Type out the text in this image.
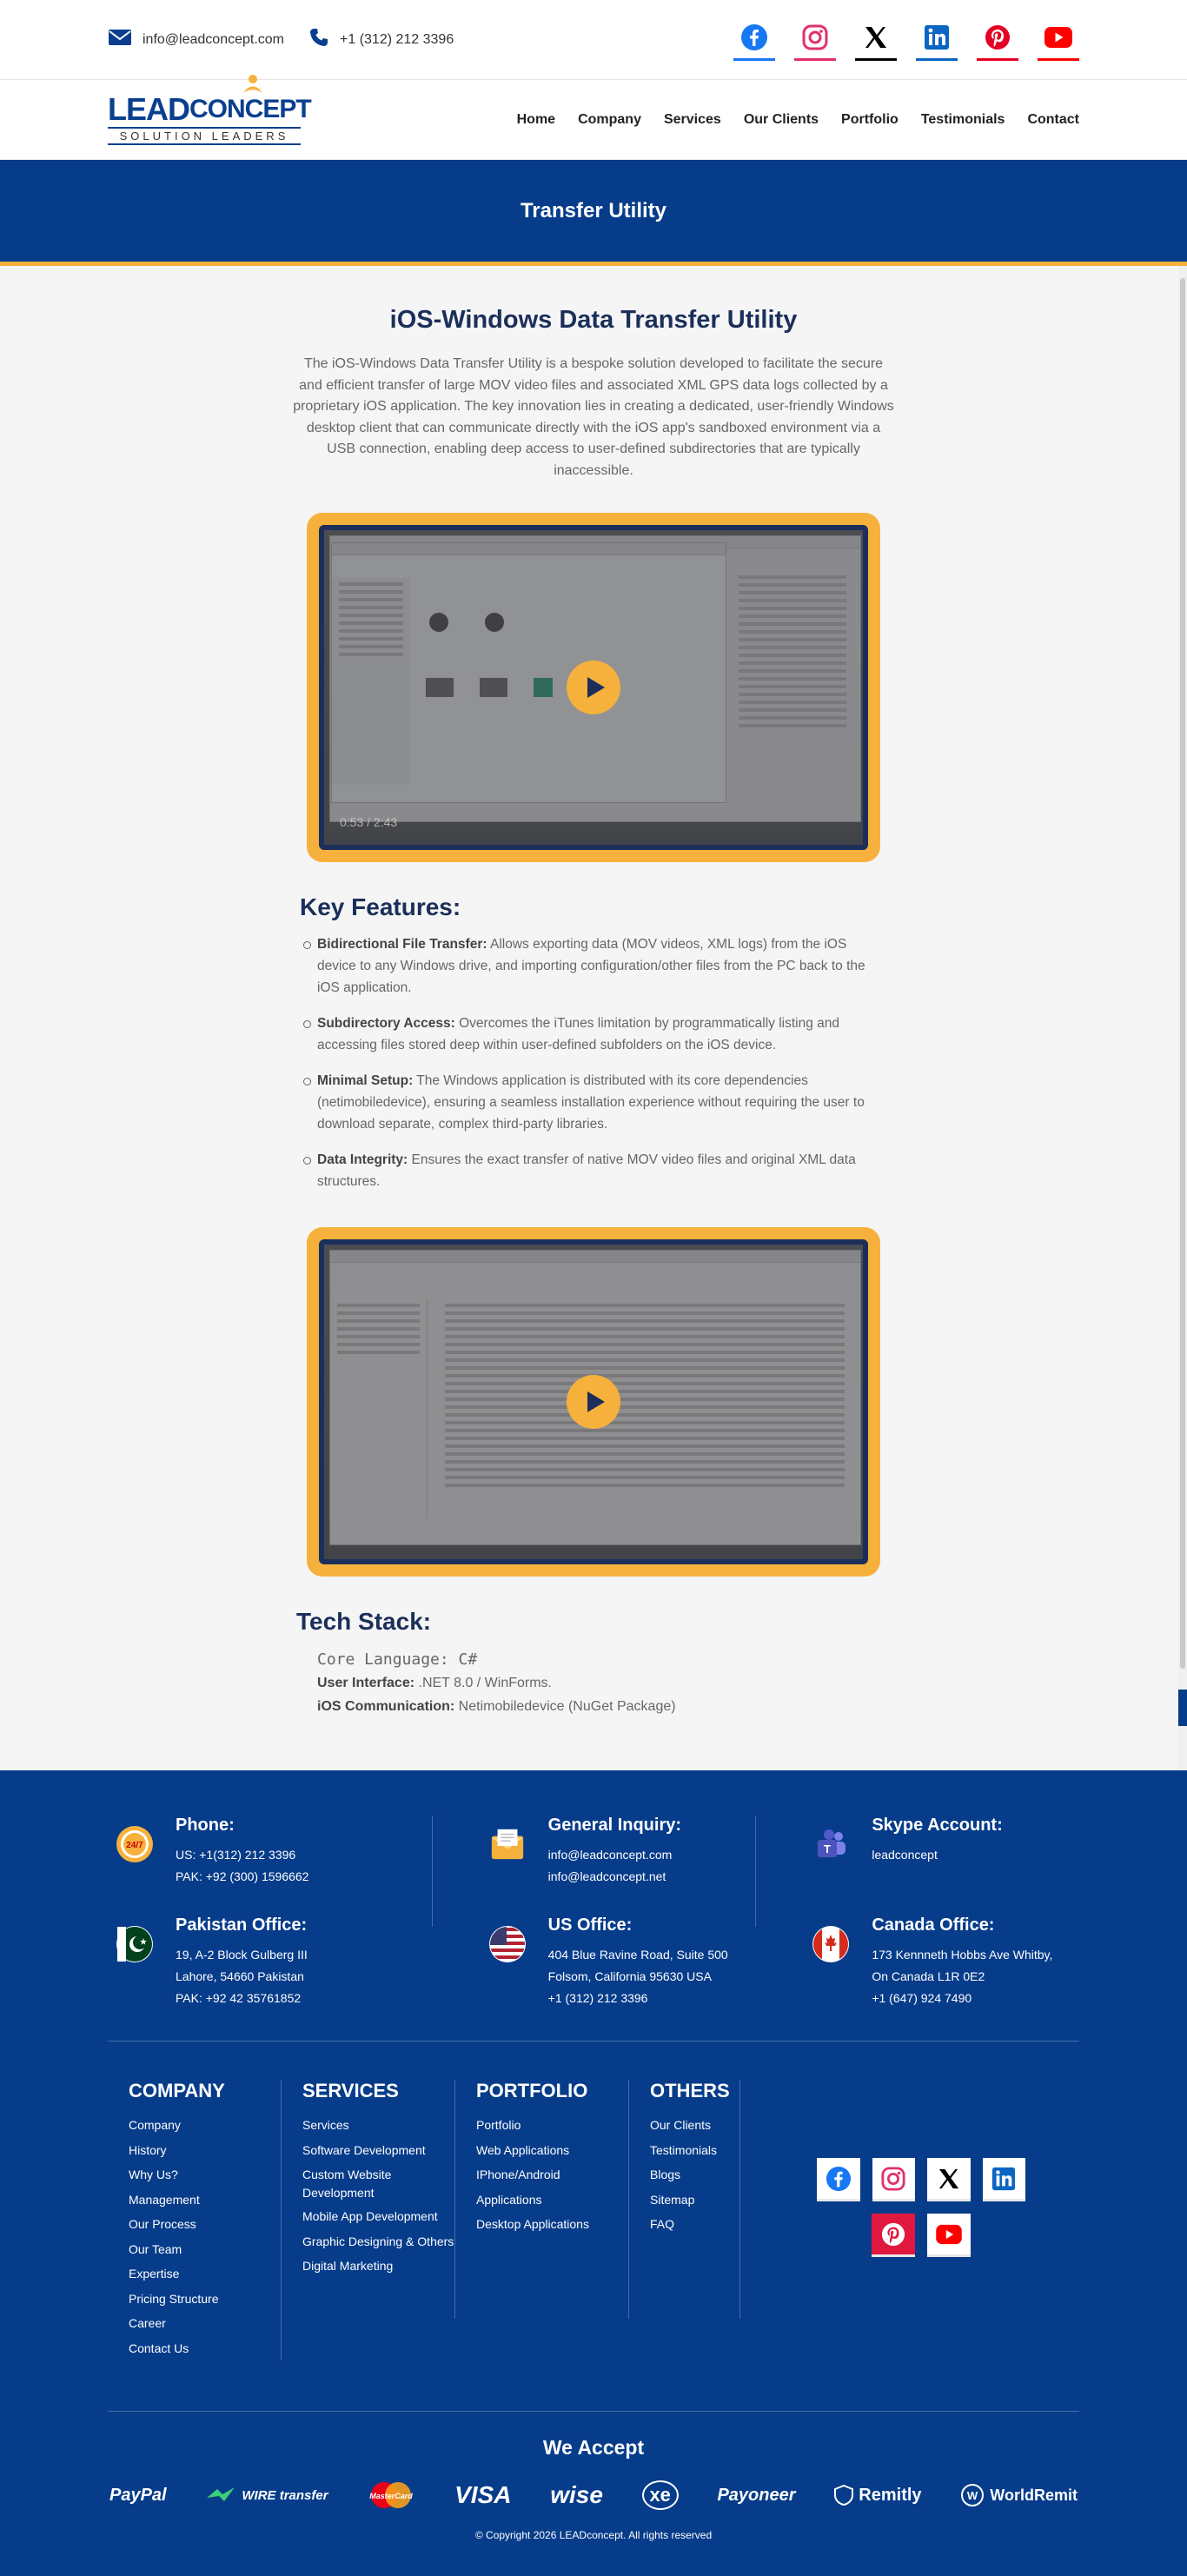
info@leadconcept.com	+1 (312) 212 3396
LEAD CONCEPT
SOLUTION LEADERS
Home Company Services Our Clients Portfolio Testimonials Contact
Transfer Utility
iOS-Windows Data Transfer Utility

The iOS-Windows Data Transfer Utility is a bespoke solution developed to facilitate the secure and efficient transfer of large MOV video files and associated XML GPS data logs collected by a proprietary iOS application. The key innovation lies in creating a dedicated, user-friendly Windows desktop client that can communicate directly with the iOS app's sandboxed environment via a USB connection, enabling deep access to user-defined subdirectories that are typically inaccessible.

0:53 / 2:43
Key Features:
Bidirectional File Transfer: Allows exporting data (MOV videos, XML logs) from the iOS device to any Windows drive, and importing configuration/other files from the PC back to the iOS application.
Subdirectory Access: Overcomes the iTunes limitation by programmatically listing and accessing files stored deep within user-defined subfolders on the iOS device.
Minimal Setup: The Windows application is distributed with its core dependencies (netimobiledevice), ensuring a seamless installation experience without requiring the user to download separate, complex third-party libraries.
Data Integrity: Ensures the exact transfer of native MOV video files and original XML data structures.
Tech Stack:
Core Language: C#
User Interface: .NET 8.0 / WinForms.
iOS Communication: Netimobiledevice (NuGet Package)
24/7
Phone:
US: +1(312) 212 3396
PAK: +92 (300) 1596662
General Inquiry:
info@leadconcept.com
info@leadconcept.net
T
Skype Account:
leadconcept
Pakistan Office:
19, A-2 Block Gulberg III
Lahore, 54660 Pakistan
PAK: +92 42 35761852
US Office:
404 Blue Ravine Road, Suite 500
Folsom, California 95630 USA
+1 (312) 212 3396
Canada Office:
173 Kennneth Hobbs Ave Whitby,
On Canada L1R 0E2
+1 (647) 924 7490
COMPANY
Company
History
Why Us?
Management
Our Process
Our Team
Expertise
Pricing Structure
Career
Contact Us
SERVICES
Services
Software Development
Custom Website Development
Mobile App Development
Graphic Designing & Others
Digital Marketing
PORTFOLIO
Portfolio
Web Applications
IPhone/Android Applications
Desktop Applications
OTHERS
Our Clients
Testimonials
Blogs
Sitemap
FAQ
We Accept
PayPal	WIRE transfer	MasterCard VISA wise	xe	Payoneer	Remitly	W WorldRemit
© Copyright 2026 LEADconcept. All rights reserved
